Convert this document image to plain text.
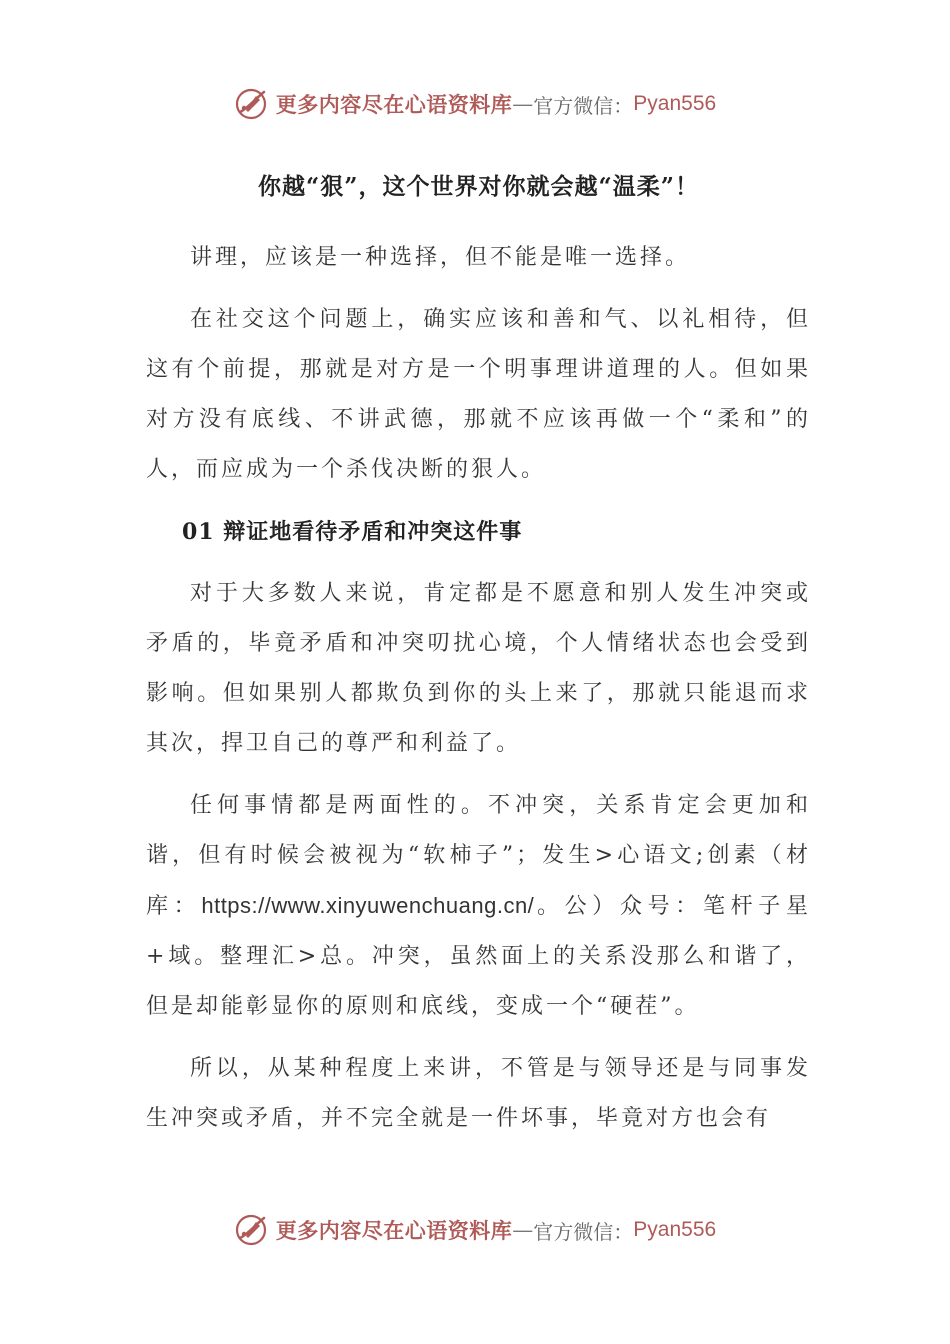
更多内容尽在心语资料库 — 官方微信： Pyan556
你越“狠”，这个世界对你就会越“温柔”！

讲理，应该是一种选择，但不能是唯一选择。

在社交这个问题上，确实应该和善和气、以礼相待，但这有个前提，那就是对方是一个明事理讲道理的人。但如果对方没有底线、不讲武德，那就不应该再做一个“柔和”的人，而应成为一个杀伐决断的狠人。

01 辩证地看待矛盾和冲突这件事

对于大多数人来说，肯定都是不愿意和别人发生冲突或矛盾的，毕竟矛盾和冲突叨扰心境，个人情绪状态也会受到影响。但如果别人都欺负到你的头上来了，那就只能退而求其次，捍卫自己的尊严和利益了。

任何事情都是两面性的。不冲突，关系肯定会更加和谐，但有时候会被视为“软柿子”；发生>心语文;创素（材库：https://www.xinyuwenchuang.cn/。公）众号：笔杆子星+域。整理汇>总。冲突，虽然面上的关系没那么和谐了，但是却能彰显你的原则和底线，变成一个“硬茬”。

所以，从某种程度上来讲，不管是与领导还是与同事发生冲突或矛盾，并不完全就是一件坏事，毕竟对方也会有

更多内容尽在心语资料库 — 官方微信： Pyan556
